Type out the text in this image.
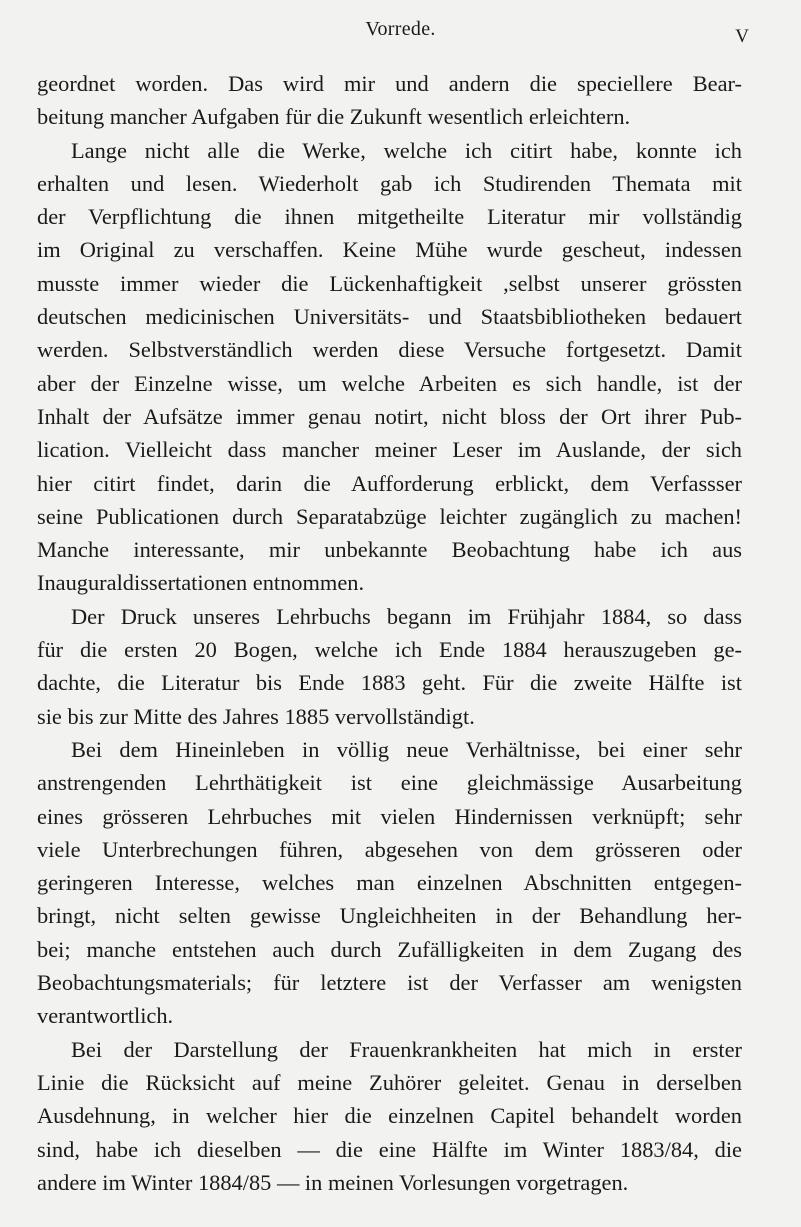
Vorrede.	V
geordnet worden. Das wird mir und andern die speciellere Bear-
beitung mancher Aufgaben für die Zukunft wesentlich erleichtern.
Lange nicht alle die Werke, welche ich citirt habe, konnte ich
erhalten und lesen. Wiederholt gab ich Studirenden Themata mit
der Verpflichtung die ihnen mitgetheilte Literatur mir vollständig
im Original zu verschaffen. Keine Mühe wurde gescheut, indessen
musste immer wieder die Lückenhaftigkeit ,selbst unserer grössten
deutschen medicinischen Universitäts- und Staatsbibliotheken bedauert
werden. Selbstverständlich werden diese Versuche fortgesetzt. Damit
aber der Einzelne wisse, um welche Arbeiten es sich handle, ist der
Inhalt der Aufsätze immer genau notirt, nicht bloss der Ort ihrer Pub-
lication. Vielleicht dass mancher meiner Leser im Auslande, der sich
hier citirt findet, darin die Aufforderung erblickt, dem Verfassser
seine Publicationen durch Separatabzüge leichter zugänglich zu machen!
Manche interessante, mir unbekannte Beobachtung habe ich aus
Inauguraldissertationen entnommen.
Der Druck unseres Lehrbuchs begann im Frühjahr 1884, so dass
für die ersten 20 Bogen, welche ich Ende 1884 herauszugeben ge-
dachte, die Literatur bis Ende 1883 geht. Für die zweite Hälfte ist
sie bis zur Mitte des Jahres 1885 vervollständigt.
Bei dem Hineinleben in völlig neue Verhältnisse, bei einer sehr
anstrengenden Lehrthätigkeit ist eine gleichmässige Ausarbeitung
eines grösseren Lehrbuches mit vielen Hindernissen verknüpft; sehr
viele Unterbrechungen führen, abgesehen von dem grösseren oder
geringeren Interesse, welches man einzelnen Abschnitten entgegen-
bringt, nicht selten gewisse Ungleichheiten in der Behandlung her-
bei; manche entstehen auch durch Zufälligkeiten in dem Zugang des
Beobachtungsmaterials; für letztere ist der Verfasser am wenigsten
verantwortlich.
Bei der Darstellung der Frauenkrankheiten hat mich in erster
Linie die Rücksicht auf meine Zuhörer geleitet. Genau in derselben
Ausdehnung, in welcher hier die einzelnen Capitel behandelt worden
sind, habe ich dieselben — die eine Hälfte im Winter 1883/84, die
andere im Winter 1884/85 — in meinen Vorlesungen vorgetragen.
